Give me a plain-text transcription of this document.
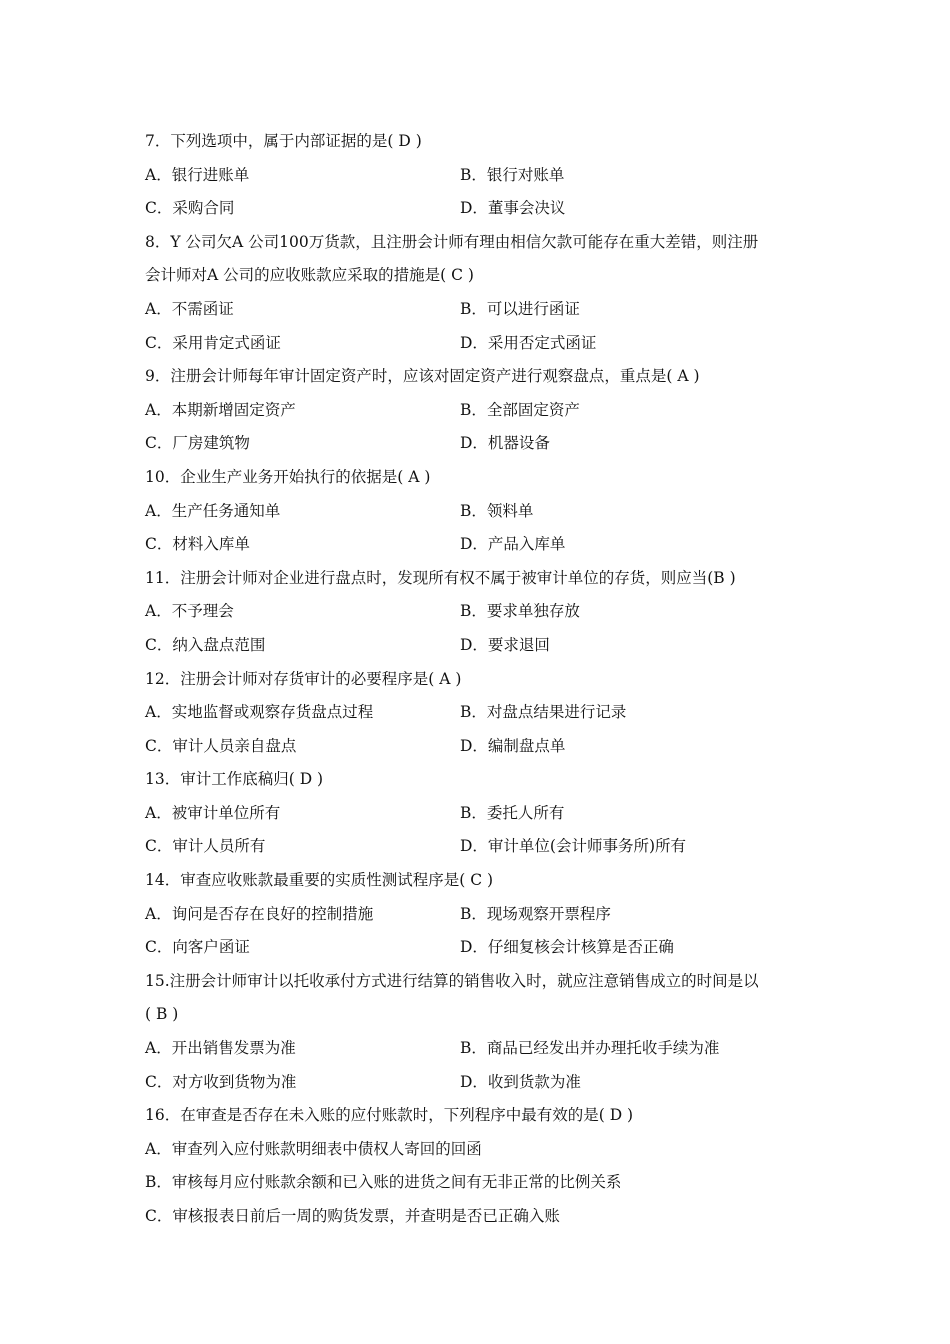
7．下列选项中，属于内部证据的是( D )
A．银行进账单	B．银行对账单
C．采购合同	D．董事会决议
8．Y 公司欠A 公司100万货款，且注册会计师有理由相信欠款可能存在重大差错，则注册
会计师对A 公司的应收账款应采取的措施是( C )
A．不需函证	B．可以进行函证
C．采用肯定式函证	D．采用否定式函证
9．注册会计师每年审计固定资产时，应该对固定资产进行观察盘点，重点是( A )
A．本期新增固定资产	B．全部固定资产
C．厂房建筑物	D．机器设备
10．企业生产业务开始执行的依据是( A )
A．生产任务通知单	B．领料单
C．材料入库单	D．产品入库单
11．注册会计师对企业进行盘点时，发现所有权不属于被审计单位的存货，则应当(B )
A．不予理会	B．要求单独存放
C．纳入盘点范围	D．要求退回
12．注册会计师对存货审计的必要程序是( A )
A．实地监督或观察存货盘点过程	B．对盘点结果进行记录
C．审计人员亲自盘点	D．编制盘点单
13．审计工作底稿归( D )
A．被审计单位所有	B．委托人所有
C．审计人员所有	D．审计单位(会计师事务所)所有
14．审查应收账款最重要的实质性测试程序是( C )
A．询问是否存在良好的控制措施	B．现场观察开票程序
C．向客户函证	D．仔细复核会计核算是否正确
15.注册会计师审计以托收承付方式进行结算的销售收入时，就应注意销售成立的时间是以
( B )
A．开出销售发票为准	B．商品已经发出并办理托收手续为准
C．对方收到货物为准	D．收到货款为准
16．在审查是否存在未入账的应付账款时，下列程序中最有效的是( D )
A．审查列入应付账款明细表中债权人寄回的回函
B．审核每月应付账款余额和已入账的进货之间有无非正常的比例关系
C．审核报表日前后一周的购货发票，并查明是否已正确入账
